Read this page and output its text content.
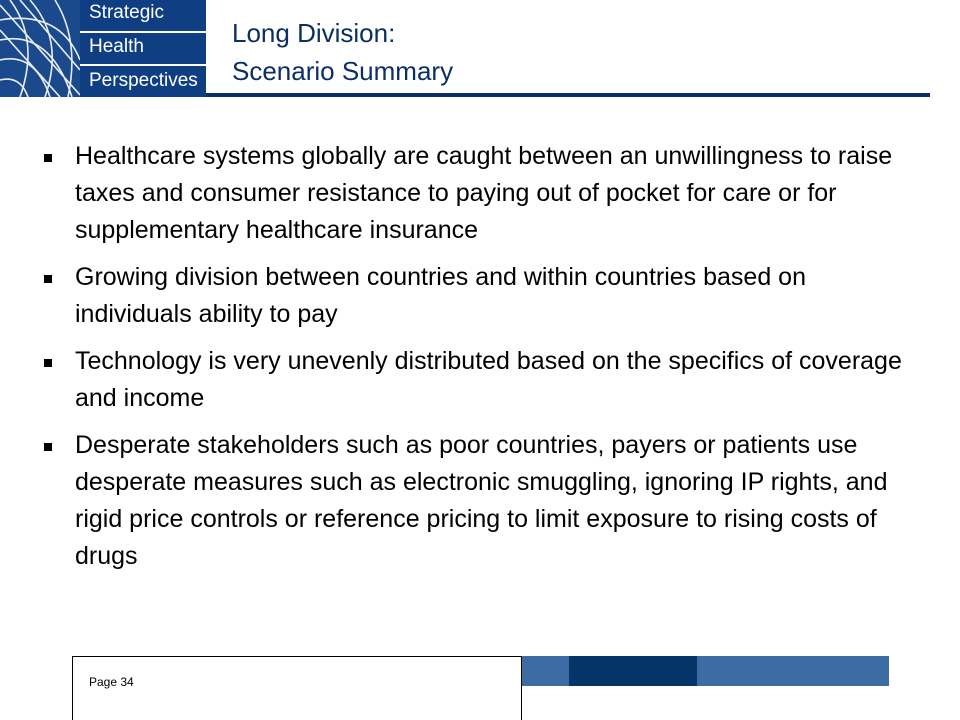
Strategic
Health
Perspectives
Long Division:
Scenario Summary
Healthcare systems globally are caught between an unwillingness to raise taxes and consumer resistance to paying out of pocket for care or for supplementary healthcare insurance
Growing division between countries and within countries based on individuals ability to pay
Technology is very unevenly distributed based on the specifics of coverage and income
Desperate stakeholders such as poor countries, payers or patients use desperate measures such as electronic smuggling, ignoring IP rights, and rigid price controls or reference pricing to limit exposure to rising costs of drugs
Page 34
